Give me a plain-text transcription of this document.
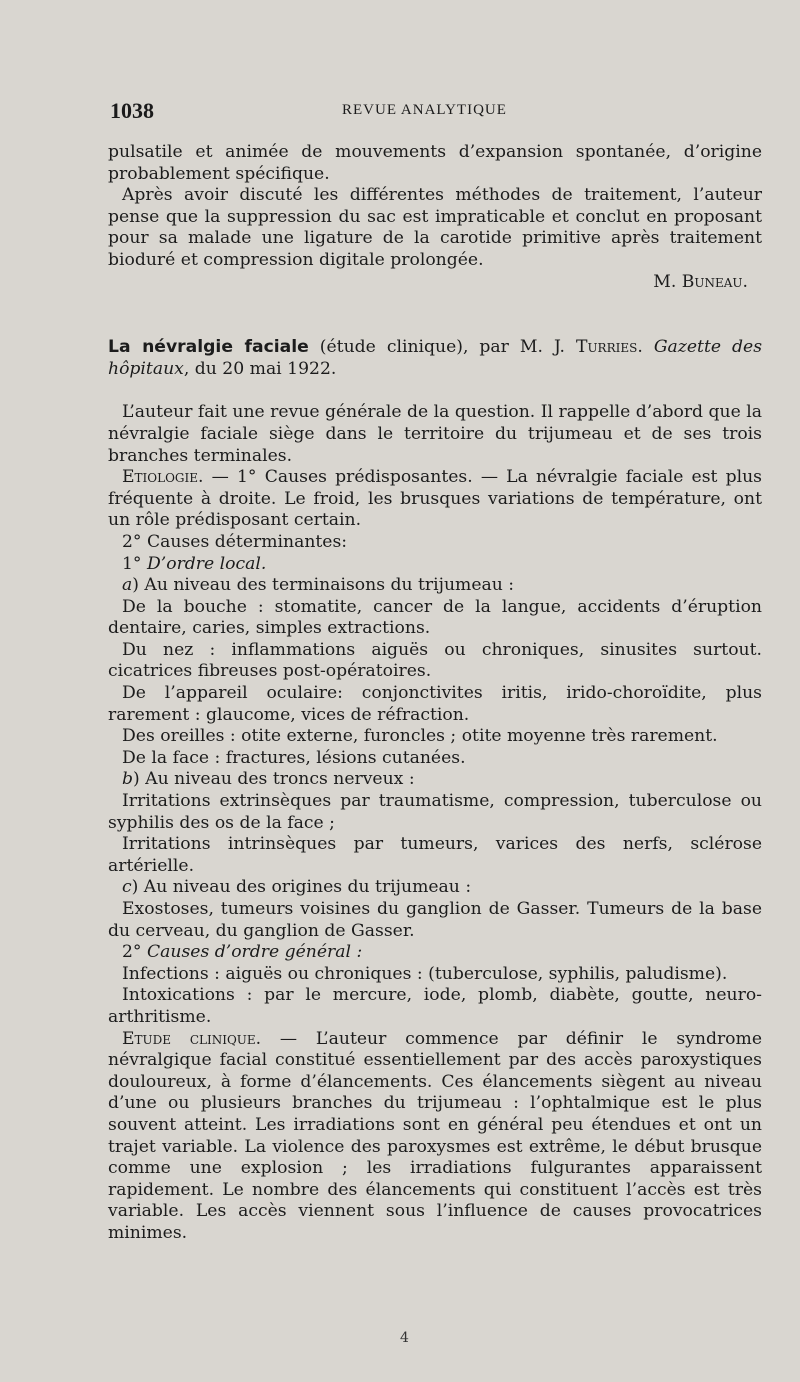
1038	REVUE ANALYTIQUE

pulsatile et animée de mouvements d’expansion spontanée, d’origine probablement spécifique.

Après avoir discuté les différentes méthodes de traitement, l’auteur pense que la suppression du sac est impraticable et conclut en proposant pour sa malade une ligature de la carotide primitive après traitement bioduré et compression digitale prolongée.

M. Buneau.

La névralgie faciale (étude clinique), par M. J. Turries. Gazette des hôpitaux, du 20 mai 1922.

L’auteur fait une revue générale de la question. Il rappelle d’abord que la névralgie faciale siège dans le territoire du trijumeau et de ses trois branches terminales.

Etiologie. — 1° Causes prédisposantes. — La névralgie faciale est plus fréquente à droite. Le froid, les brusques variations de température, ont un rôle prédisposant certain.

2° Causes déterminantes:

1° D’ordre local.

a) Au niveau des terminaisons du trijumeau :

De la bouche : stomatite, cancer de la langue, accidents d’éruption dentaire, caries, simples extractions.

Du nez : inflammations aiguës ou chroniques, sinusites surtout. cicatrices fibreuses post-opératoires.

De l’appareil oculaire: conjonctivites iritis, irido-choroïdite, plus rarement : glaucome, vices de réfraction.

Des oreilles : otite externe, furoncles ; otite moyenne très rarement.

De la face : fractures, lésions cutanées.

b) Au niveau des troncs nerveux :

Irritations extrinsèques par traumatisme, compression, tuberculose ou syphilis des os de la face ;

Irritations intrinsèques par tumeurs, varices des nerfs, sclérose artérielle.

c) Au niveau des origines du trijumeau :

Exostoses, tumeurs voisines du ganglion de Gasser. Tumeurs de la base du cerveau, du ganglion de Gasser.

2° Causes d’ordre général :

Infections : aiguës ou chroniques : (tuberculose, syphilis, paludisme).

Intoxications : par le mercure, iode, plomb, diabète, goutte, neuro-arthritisme.

Etude clinique. — L’auteur commence par définir le syndrome névralgique facial constitué essentiellement par des accès paroxystiques douloureux, à forme d’élancements. Ces élancements siègent au niveau d’une ou plusieurs branches du trijumeau : l’ophtalmique est le plus souvent atteint. Les irradiations sont en général peu étendues et ont un trajet variable. La violence des paroxysmes est extrême, le début brusque comme une explosion ; les irradiations fulgurantes apparaissent rapidement. Le nombre des élancements qui constituent l’accès est très variable. Les accès viennent sous l’influence de causes provocatrices minimes.

4
